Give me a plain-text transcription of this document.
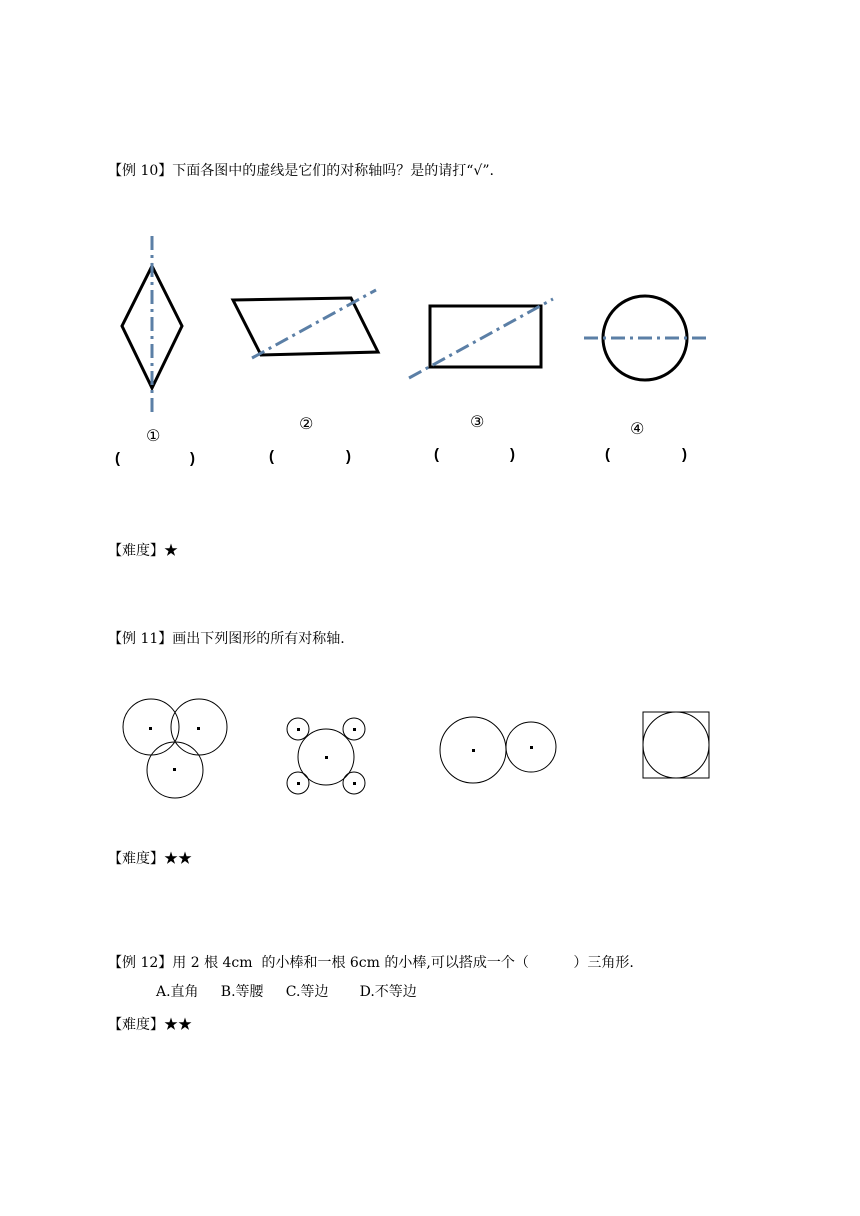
【例 10】下面各图中的虚线是它们的对称轴吗？是的请打“√”.
①
②	③	④
(	)	(	)	(	)	(	)
【难度】★
【例 11】画出下列图形的所有对称轴.
【难度】★★
【例 12】用 2 根 4cm  的小棒和一根 6cm 的小棒,可以搭成一个（          ）三角形.
A.直角     B.等腰     C.等边       D.不等边
【难度】★★
